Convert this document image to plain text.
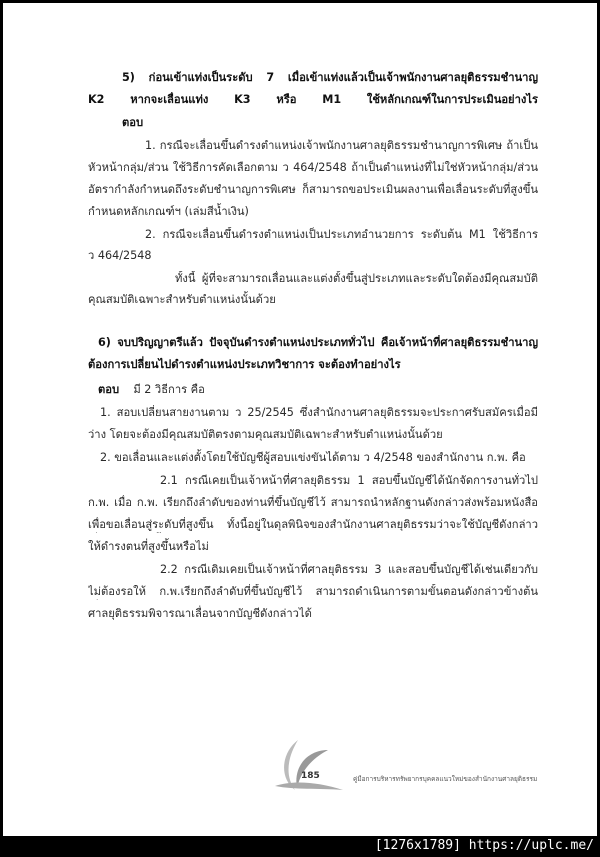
5) ก่อนเข้าแท่งเป็นระดับ 7 เมื่อเข้าแท่งแล้วเป็นเจ้าพนักงานศาลยุติธรรมชำนาญ
K2 หากจะเลื่อนแท่ง K3 หรือ M1 ใช้หลักเกณฑ์ในการประเมินอย่างไร
ตอบ
1. กรณีจะเลื่อนขึ้นดำรงตำแหน่งเจ้าพนักงานศาลยุติธรรมชำนาญการพิเศษ ถ้าเป็น
หัวหน้ากลุ่ม/ส่วน ใช้วิธีการคัดเลือกตาม ว 464/2548 ถ้าเป็นตำแหน่งที่ไม่ใช่หัวหน้ากลุ่ม/ส่วน
อัตรากำลังกำหนดถึงระดับชำนาญการพิเศษ ก็สามารถขอประเมินผลงานเพื่อเลื่อนระดับที่สูงขึ้น
กำหนดหลักเกณฑ์ฯ (เล่มสีน้ำเงิน)
2. กรณีจะเลื่อนขึ้นดำรงตำแหน่งเป็นประเภทอำนวยการ ระดับต้น M1 ใช้วิธีการ
ว 464/2548
ทั้งนี้ ผู้ที่จะสามารถเลื่อนและแต่งตั้งขึ้นสู่ประเภทและระดับใดต้องมีคุณสมบัติ
คุณสมบัติเฉพาะสำหรับตำแหน่งนั้นด้วย
6) จบปริญญาตรีแล้ว ปัจจุบันดำรงตำแหน่งประเภททั่วไป คือเจ้าหน้าที่ศาลยุติธรรมชำนาญ
ต้องการเปลี่ยนไปดำรงตำแหน่งประเภทวิชาการ จะต้องทำอย่างไร
ตอบ มี 2 วิธีการ คือ
1. สอบเปลี่ยนสายงานตาม ว 25/2545 ซึ่งสำนักงานศาลยุติธรรมจะประกาศรับสมัครเมื่อมี
ว่าง โดยจะต้องมีคุณสมบัติตรงตามคุณสมบัติเฉพาะสำหรับตำแหน่งนั้นด้วย
2. ขอเลื่อนและแต่งตั้งโดยใช้บัญชีผู้สอบแข่งขันได้ตาม ว 4/2548 ของสำนักงาน ก.พ. คือ
2.1 กรณีเคยเป็นเจ้าหน้าที่ศาลยุติธรรม 1 สอบขึ้นบัญชีได้นักจัดการงานทั่วไป
ก.พ. เมื่อ ก.พ. เรียกถึงลำดับของท่านที่ขึ้นบัญชีไว้ สามารถนำหลักฐานดังกล่าวส่งพร้อมหนังสือ
เพื่อขอเลื่อนสู่ระดับที่สูงขึ้น ทั้งนี้อยู่ในดุลพินิจของสำนักงานศาลยุติธรรมว่าจะใช้บัญชีดังกล่าว
ให้ดำรงตนที่สูงขึ้นหรือไม่
2.2 กรณีเดิมเคยเป็นเจ้าหน้าที่ศาลยุติธรรม 3 และสอบขึ้นบัญชีได้เช่นเดียวกับ
ไม่ต้องรอให้ ก.พ.เรียกถึงลำดับที่ขึ้นบัญชีไว้ สามารถดำเนินการตามขั้นตอนดังกล่าวข้างต้น
ศาลยุติธรรมพิจารณาเลื่อนจากบัญชีดังกล่าวได้
185	คู่มือการบริหารทรัพยากรบุคคลแนวใหม่ของสำนักงานศาลยุติธรรม
[1276x1789] https://uplc.me/
